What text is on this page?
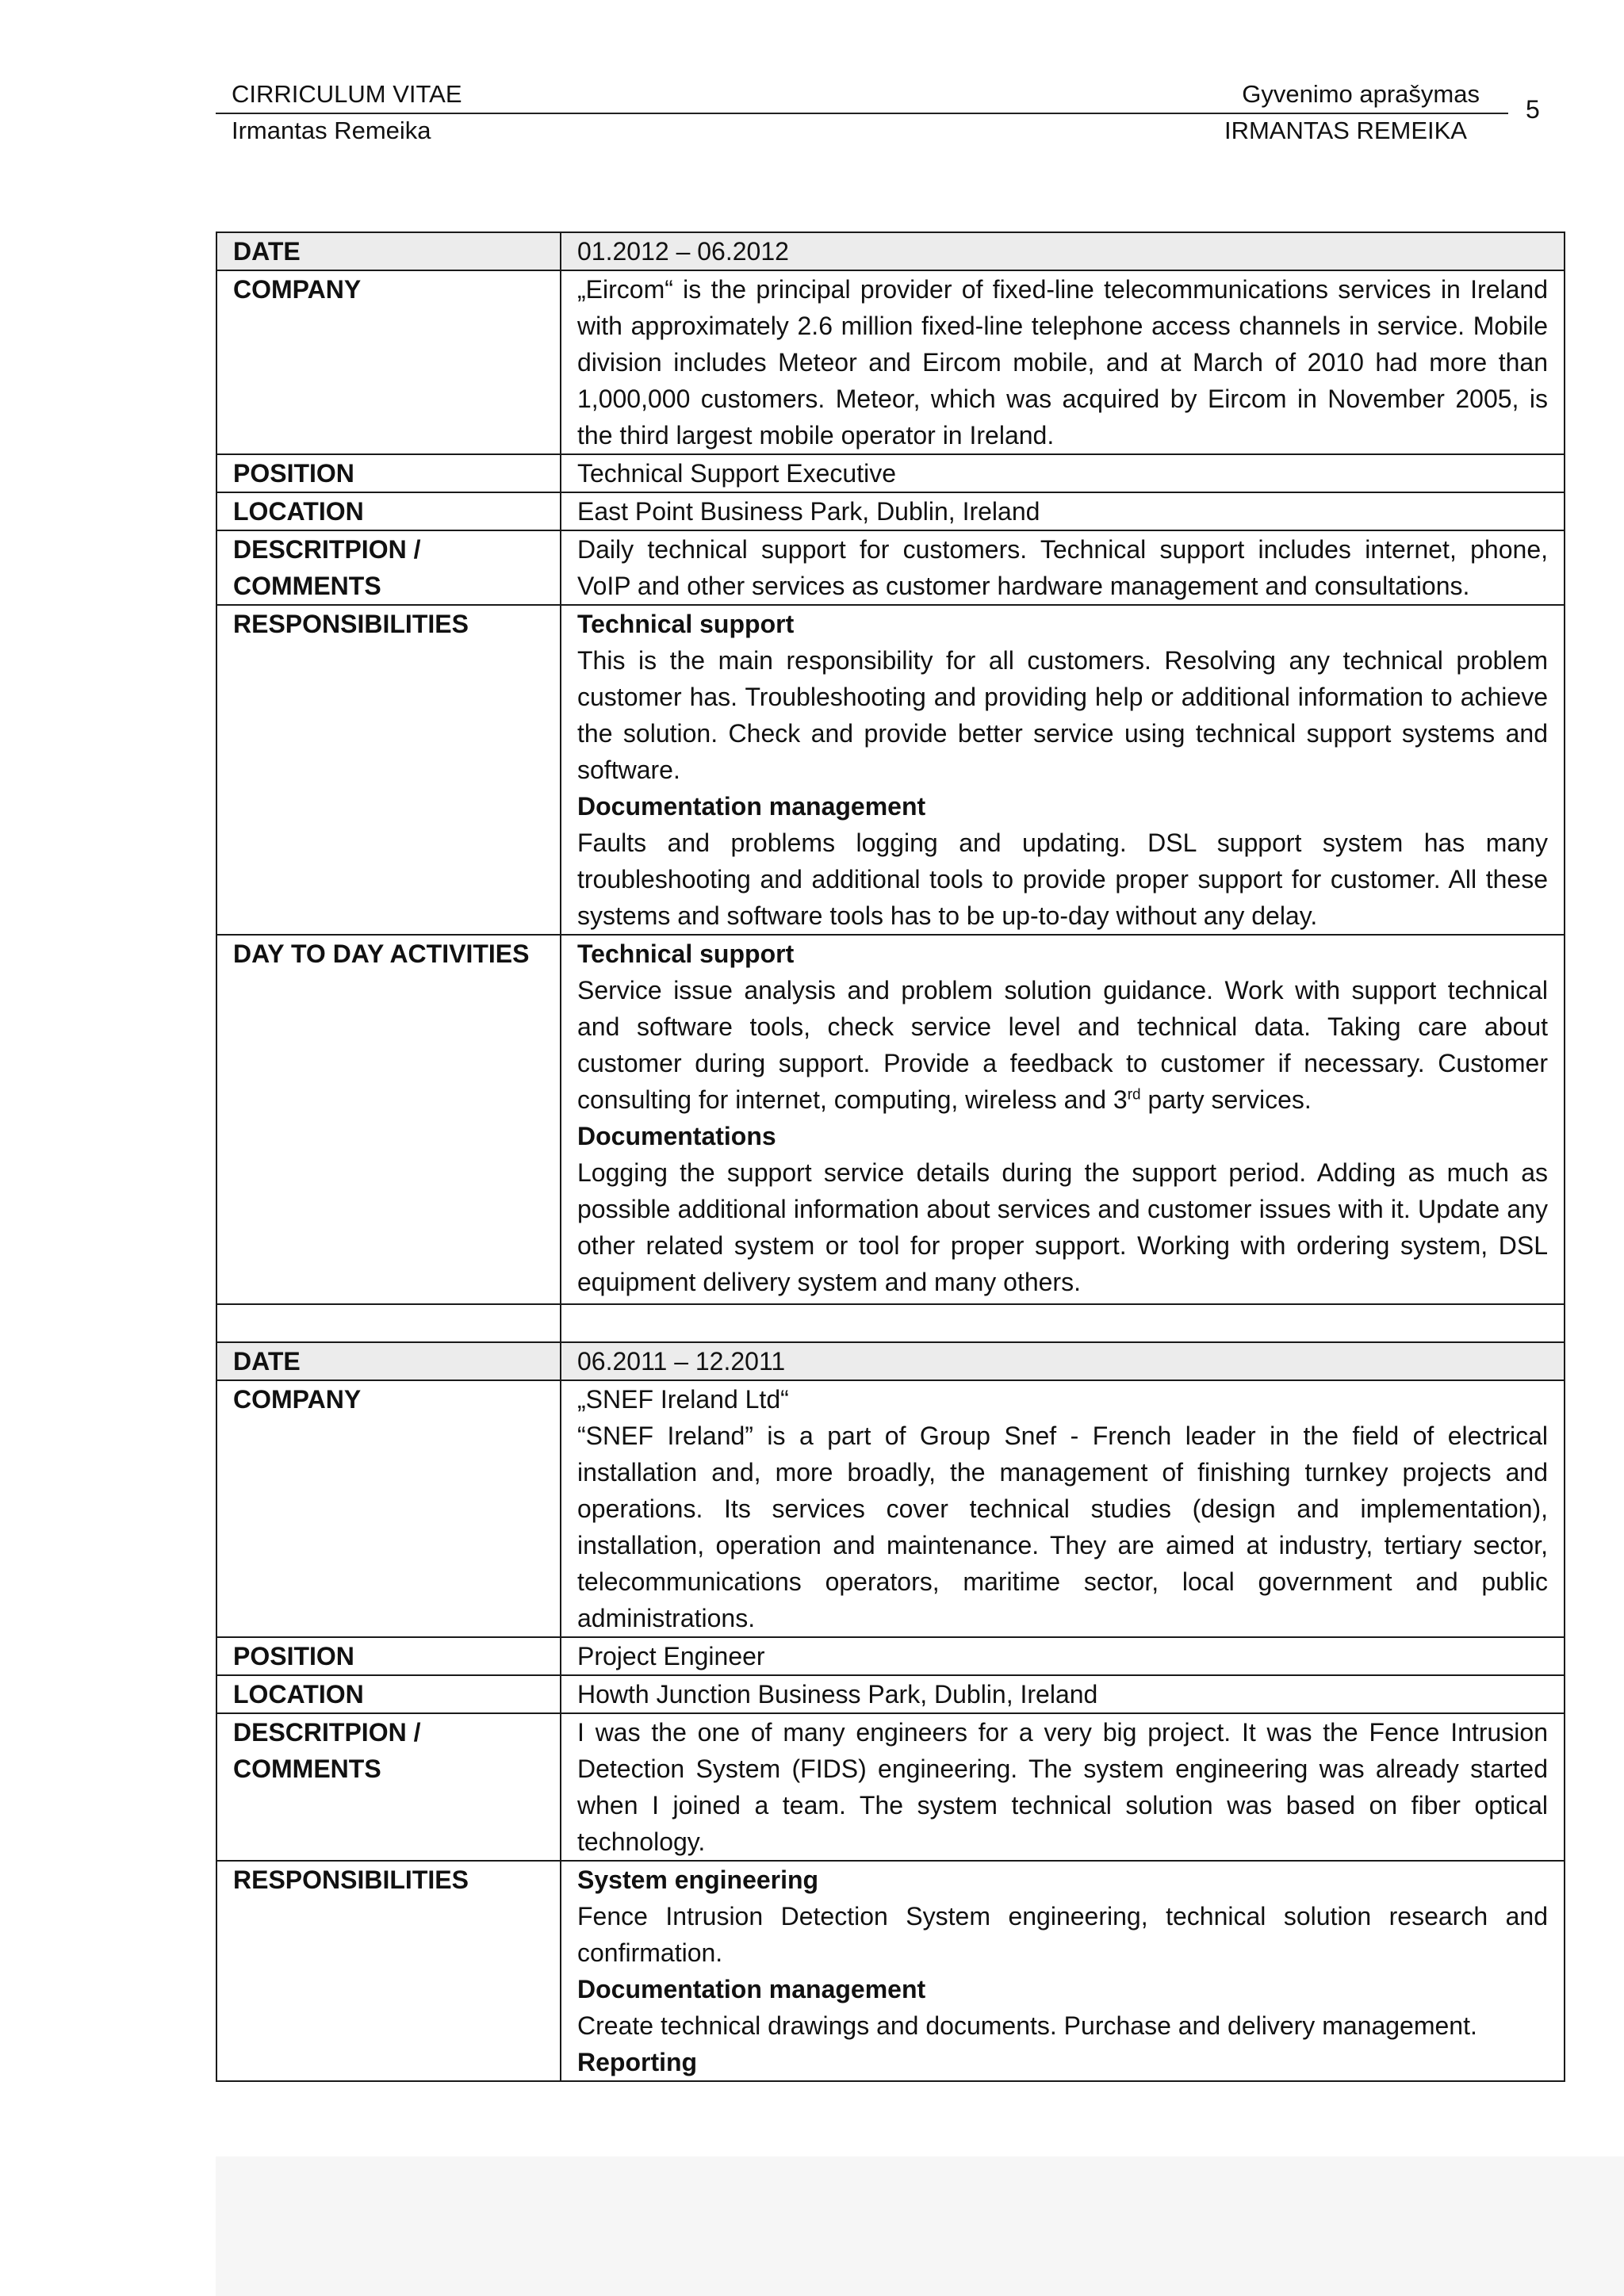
CIRRICULUM VITAE
Irmantas Remeika
Gyvenimo aprašymas
IRMANTAS REMEIKA
5
DATE	01.2012 – 06.2012
COMPANY	„Eircom“ is the principal provider of fixed-line telecommunications services in Ireland with approximately 2.6 million fixed-line telephone access channels in service. Mobile division includes Meteor and Eircom mobile, and at March of 2010 had more than 1,000,000 customers. Meteor, which was acquired by Eircom in November 2005, is the third largest mobile operator in Ireland.
POSITION	Technical Support Executive
LOCATION	East Point Business Park, Dublin, Ireland

DESCRITPION /
COMMENTS	Daily technical support for customers. Technical support includes internet, phone, VoIP and other services as customer hardware management and consultations.
RESPONSIBILITIES	Technical support
This is the main responsibility for all customers. Resolving any technical problem customer has. Troubleshooting and providing help or additional information to achieve the solution. Check and provide better service using technical support systems and software.
Documentation management
Faults and problems logging and updating. DSL support system has many troubleshooting and additional tools to provide proper support for customer. All these systems and software tools has to be up-to-day without any delay.

DAY TO DAY ACTIVITIES	Technical support
Service issue analysis and problem solution guidance. Work with support technical and software tools, check service level and technical data. Taking care about customer during support. Provide a feedback to customer if necessary. Customer consulting for internet, computing, wireless and 3rd party services.
Documentations
Logging the support service details during the support period. Adding as much as possible additional information about services and customer issues with it. Update any other related system or tool for proper support. Working with ordering system, DSL equipment delivery system and many others.

DATE	06.2011 – 12.2011
COMPANY	„SNEF Ireland Ltd“
“SNEF Ireland” is a part of Group Snef - French leader in the field of electrical installation and, more broadly, the management of finishing turnkey projects and operations. Its services cover technical studies (design and implementation), installation, operation and maintenance. They are aimed at industry, tertiary sector, telecommunications operators, maritime sector, local government and public administrations.

POSITION	Project Engineer
LOCATION	Howth Junction Business Park, Dublin, Ireland

DESCRITPION /
COMMENTS	I was the one of many engineers for a very big project. It was the Fence Intrusion Detection System (FIDS) engineering. The system engineering was already started when I joined a team. The system technical solution was based on fiber optical technology.
RESPONSIBILITIES	System engineering
Fence Intrusion Detection System engineering, technical solution research and confirmation.
Documentation management
Create technical drawings and documents. Purchase and delivery management.
Reporting
